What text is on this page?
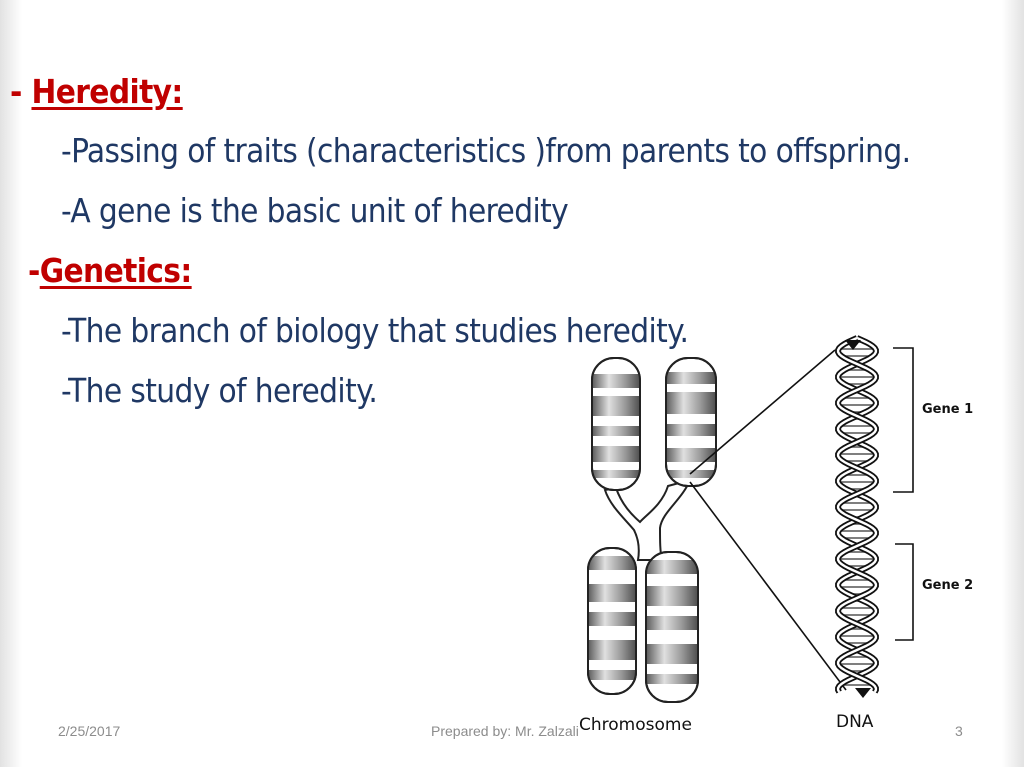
- Heredity:
-Passing of traits (characteristics )from parents to offspring.
-A gene is the basic unit of heredity
-Genetics:
-The branch of biology that studies heredity.
-The study of heredity.	Gene 1
Gene 2
Chromosome	DNA
2/25/2017	Prepared by: Mr. Zalzali	3
